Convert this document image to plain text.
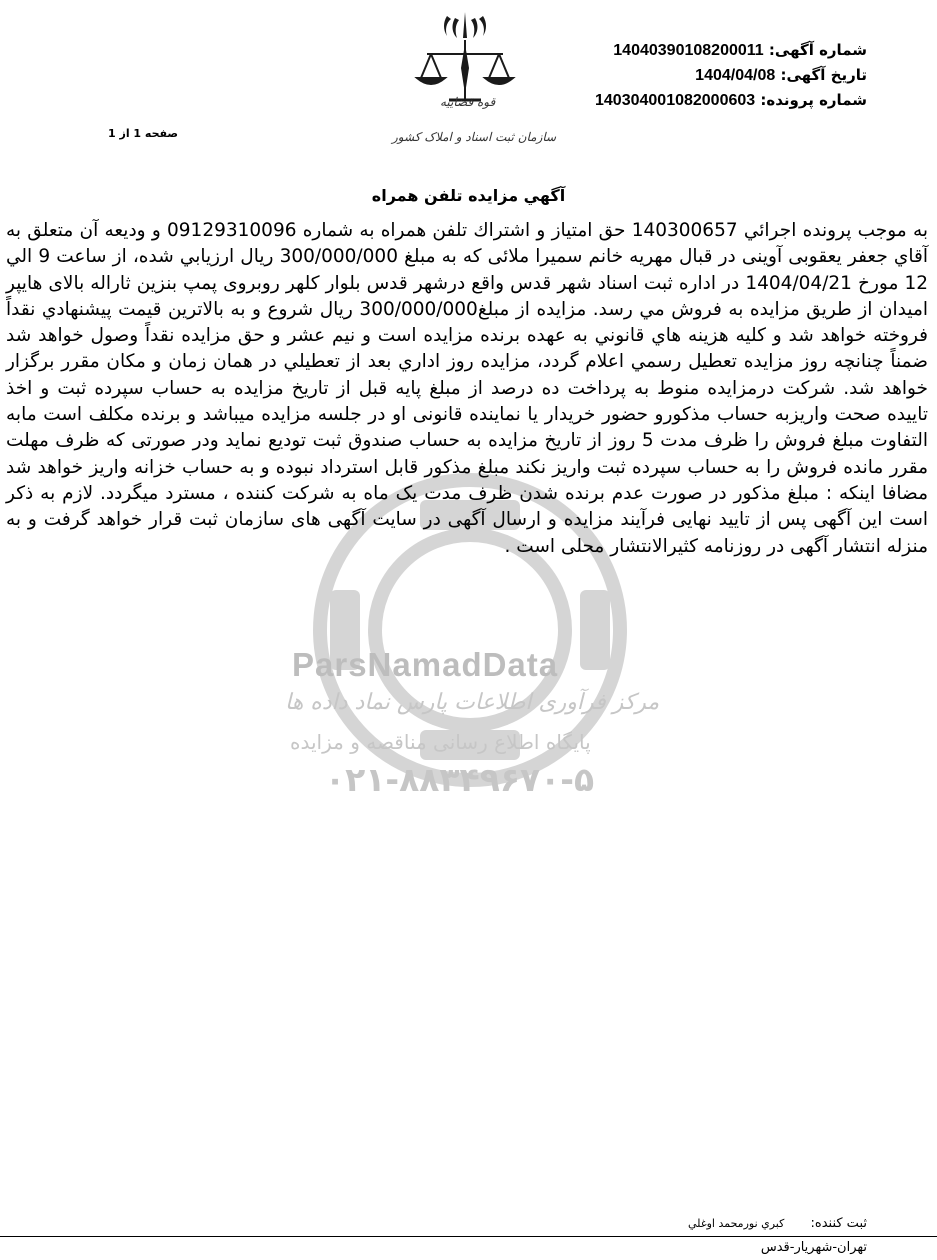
شماره آگهی: 14040390108200011
تاریخ آگهی: 1404/04/08
شماره پرونده: 140304001082000603
قوه قضاییه
سازمان ثبت اسناد و املاک کشور
صفحه 1 از 1
آگهي مزايده تلفن همراه
ParsNamadData
مرکز فرآوری اطلاعات پارس نماد داده ها
پایگاه اطلاع رسانی مناقصه و مزایده
۰۲۱-۸۸۳۴۹۶۷۰-۵
به موجب پرونده اجرائي 140300657 حق امتياز و اشتراك تلفن همراه به شماره 09129310096 و وديعه آن متعلق به آقاي جعفر يعقوبی آوينی در قبال مهريه خانم سميرا ملائی كه به مبلغ 300/000/000 ريال ارزيابي شده، از ساعت 9 الي 12 مورخ 1404/04/21 در اداره ثبت اسناد شهر قدس واقع درشهر قدس بلوار كلهر روبروی پمپ بنزين ثاراله بالای هايپر اميدان از طريق مزايده به فروش مي رسد. مزايده از مبلغ300/000/000 ريال شروع و به بالاترين قيمت پيشنهادي نقداً فروخته خواهد شد و كليه هزينه هاي قانوني به عهده برنده مزايده است و نيم عشر و حق مزايده نقداً وصول خواهد شد ضمناً چنانچه روز مزايده تعطيل رسمي اعلام گردد، مزايده روز اداري بعد از تعطيلي در همان زمان و مكان مقرر برگزار خواهد شد. شركت درمزايده منوط به پرداخت ده درصد از مبلغ پايه قبل از تاريخ مزايده به حساب سپرده ثبت و اخذ تاييده صحت واريزبه حساب مذكورو حضور خريدار يا نماينده قانونی او در جلسه مزايده ميباشد و برنده مكلف است مابه التفاوت مبلغ فروش را ظرف مدت 5 روز از تاريخ مزايده به حساب صندوق ثبت توديع نمايد ودر صورتی كه ظرف مهلت مقرر مانده فروش را به حساب سپرده ثبت واريز نكند مبلغ مذكور قابل استرداد نبوده و به حساب خزانه واريز خواهد شد مضافا اينكه : مبلغ مذكور در صورت عدم برنده شدن ظرف مدت يک ماه به شركت كننده ، مسترد ميگردد. لازم به ذكر است اين آگهی پس از تاييد نهايی فرآيند مزايده و ارسال آگهی در سايت آگهی های سازمان ثبت قرار خواهد گرفت و به منزله انتشار آگهی در روزنامه كثيرالانتشار محلی است .
ثبت كننده: كبري نورمحمد اوغلي
تهران-شهريار-قدس
